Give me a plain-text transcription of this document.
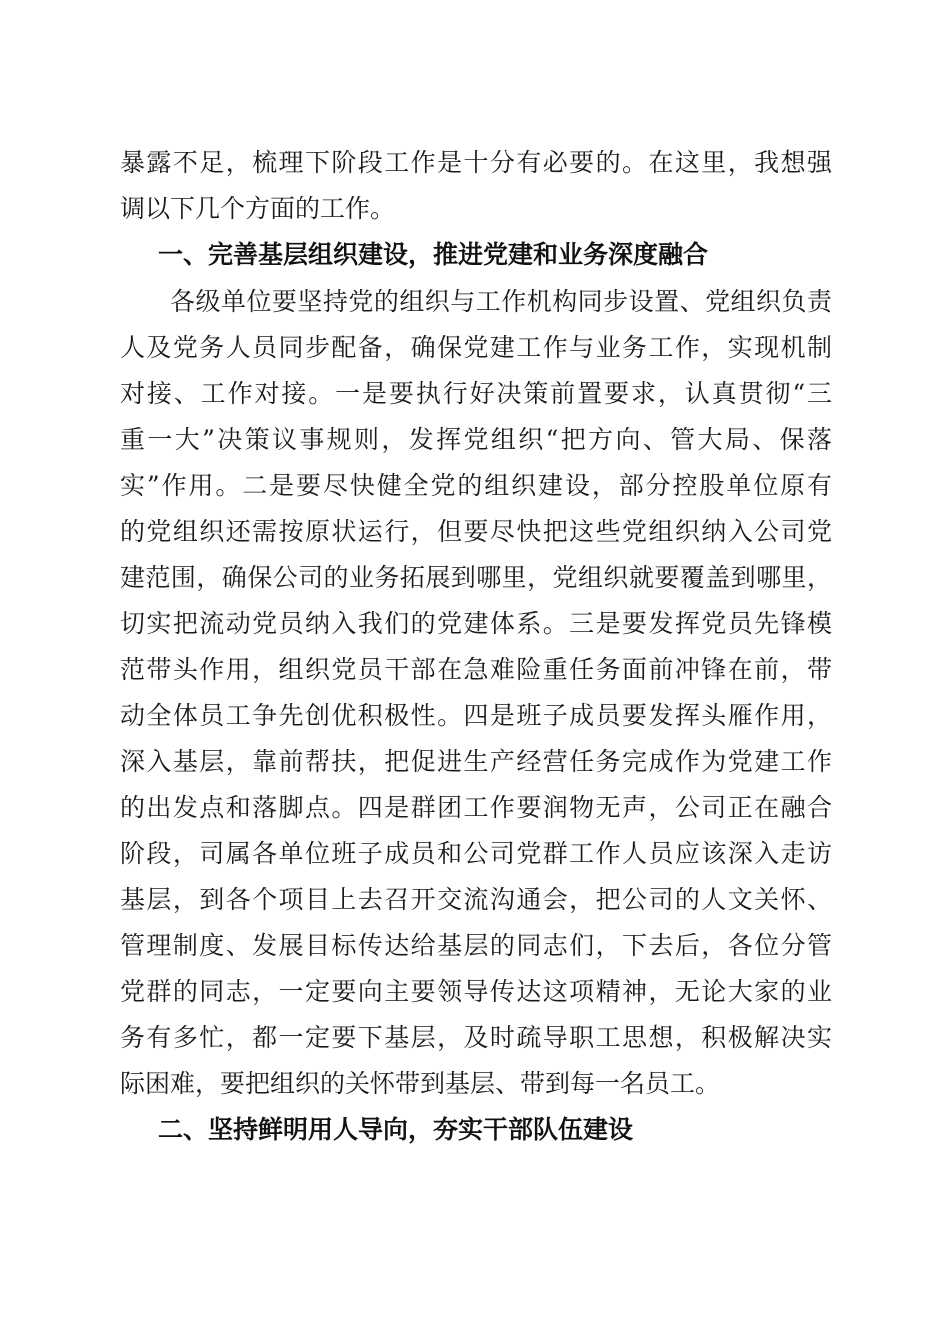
暴露不足，梳理下阶段工作是十分有必要的。在这里，我想强
调以下几个方面的工作。
一、完善基层组织建设，推进党建和业务深度融合
各级单位要坚持党的组织与工作机构同步设置、党组织负责
人及党务人员同步配备，确保党建工作与业务工作，实现机制
对接、工作对接。一是要执行好决策前置要求，认真贯彻“三
重一大”决策议事规则，发挥党组织“把方向、管大局、保落
实”作用。二是要尽快健全党的组织建设，部分控股单位原有
的党组织还需按原状运行，但要尽快把这些党组织纳入公司党
建范围，确保公司的业务拓展到哪里，党组织就要覆盖到哪里，
切实把流动党员纳入我们的党建体系。三是要发挥党员先锋模
范带头作用，组织党员干部在急难险重任务面前冲锋在前，带
动全体员工争先创优积极性。四是班子成员要发挥头雁作用，
深入基层，靠前帮扶，把促进生产经营任务完成作为党建工作
的出发点和落脚点。四是群团工作要润物无声，公司正在融合
阶段，司属各单位班子成员和公司党群工作人员应该深入走访
基层，到各个项目上去召开交流沟通会，把公司的人文关怀、
管理制度、发展目标传达给基层的同志们，下去后，各位分管
党群的同志，一定要向主要领导传达这项精神，无论大家的业
务有多忙，都一定要下基层，及时疏导职工思想，积极解决实
际困难，要把组织的关怀带到基层、带到每一名员工。
二、坚持鲜明用人导向，夯实干部队伍建设
